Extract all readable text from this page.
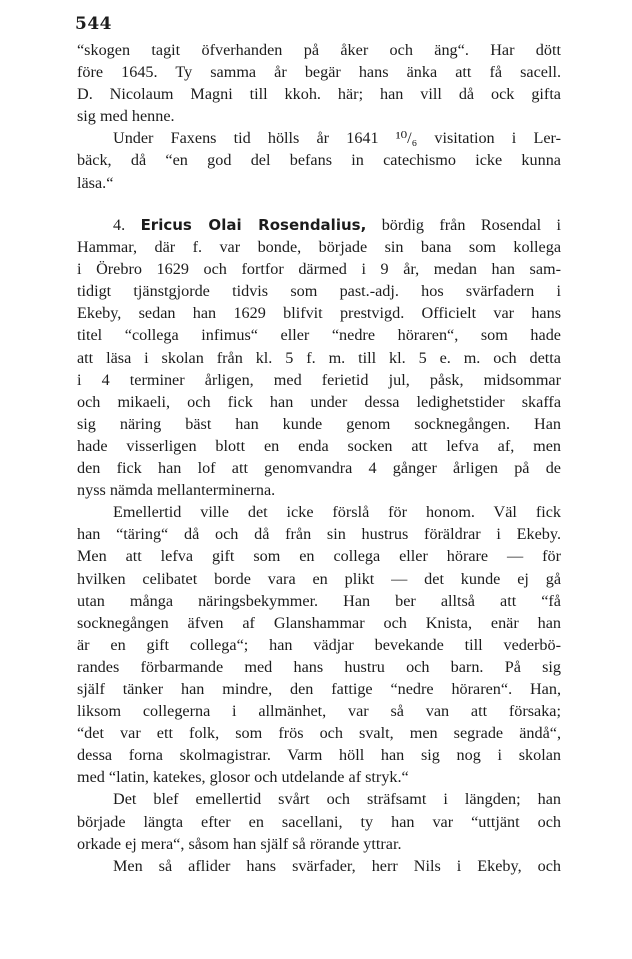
544
“skogen tagit öfverhanden på åker och äng“. Har dött
före 1645. Ty samma år begär hans änka att få sacell.
D. Nicolaum Magni till kkoh. här; han vill då ock gifta
sig med henne.
Under Faxens tid hölls år 1641 ¹⁰/₆ visitation i Ler-
bäck, då “en god del befans in catechismo icke kunna
läsa.“
4. Ericus Olai Rosendalius, bördig från Rosendal i
Hammar, där f. var bonde, började sin bana som kollega
i Örebro 1629 och fortfor därmed i 9 år, medan han sam-
tidigt tjänstgjorde tidvis som past.-adj. hos svärfadern i
Ekeby, sedan han 1629 blifvit prestvigd. Officielt var hans
titel “collega infimus“ eller “nedre höraren“, som hade
att läsa i skolan från kl. 5 f. m. till kl. 5 e. m. och detta
i 4 terminer årligen, med ferietid jul, påsk, midsommar
och mikaeli, och fick han under dessa ledighetstider skaffa
sig näring bäst han kunde genom socknegången. Han
hade visserligen blott en enda socken att lefva af, men
den fick han lof att genomvandra 4 gånger årligen på de
nyss nämda mellanterminerna.
Emellertid ville det icke förslå för honom. Väl fick
han “täring“ då och då från sin hustrus föräldrar i Ekeby.
Men att lefva gift som en collega eller hörare — för
hvilken celibatet borde vara en plikt — det kunde ej gå
utan många näringsbekymmer. Han ber alltså att “få
socknegången äfven af Glanshammar och Knista, enär han
är en gift collega“; han vädjar bevekande till vederbö-
randes förbarmande med hans hustru och barn. På sig
själf tänker han mindre, den fattige “nedre höraren“. Han,
liksom collegerna i allmänhet, var så van att försaka;
“det var ett folk, som frös och svalt, men segrade ändå“,
dessa forna skolmagistrar. Varm höll han sig nog i skolan
med “latin, katekes, glosor och utdelande af stryk.“
Det blef emellertid svårt och sträfsamt i längden; han
började längta efter en sacellani, ty han var “uttjänt och
orkade ej mera“, såsom han själf så rörande yttrar.
Men så aflider hans svärfader, herr Nils i Ekeby, och
